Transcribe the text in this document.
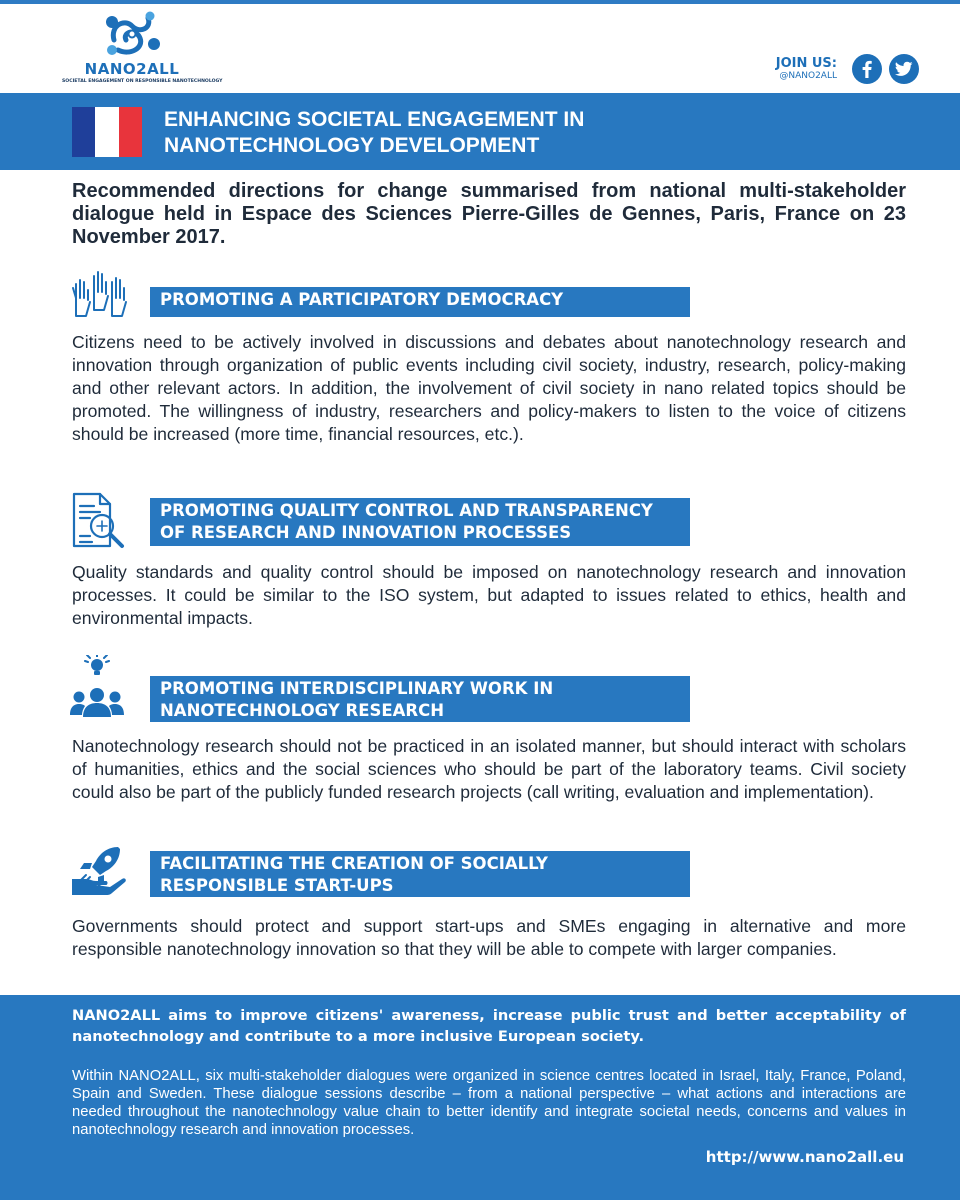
NANO2ALL
SOCIETAL ENGAGEMENT ON RESPONSIBLE NANOTECHNOLOGY
JOIN US:
@NANO2ALL
ENHANCING SOCIETAL ENGAGEMENT IN NANOTECHNOLOGY DEVELOPMENT

Recommended directions for change summarised from national multi-stakeholder dialogue held in Espace des Sciences Pierre-Gilles de Gennes, Paris, France on 23 November 2017.

PROMOTING A PARTICIPATORY DEMOCRACY

Citizens need to be actively involved in discussions and debates about nanotechnology research and innovation through organization of public events including civil society, industry, research, policy-making and other relevant actors. In addition, the involvement of civil society in nano related topics should be promoted. The willingness of industry, researchers and policy-makers to listen to the voice of citizens should be increased (more time, financial resources, etc.).

PROMOTING QUALITY CONTROL AND TRANSPARENCY OF RESEARCH AND INNOVATION PROCESSES

Quality standards and quality control should be imposed on nanotechnology research and innovation processes. It could be similar to the ISO system, but adapted to issues related to ethics, health and environmental impacts.

PROMOTING INTERDISCIPLINARY WORK IN NANOTECHNOLOGY RESEARCH

Nanotechnology research should not be practiced in an isolated manner, but should interact with scholars of humanities, ethics and the social sciences who should be part of the laboratory teams. Civil society could also be part of the publicly funded research projects (call writing, evaluation and implementation).

FACILITATING THE CREATION OF SOCIALLY RESPONSIBLE START-UPS

Governments should protect and support start-ups and SMEs engaging in alternative and more responsible nanotechnology innovation so that they will be able to compete with larger companies.

NANO2ALL aims to improve citizens' awareness, increase public trust and better acceptability of nanotechnology and contribute to a more inclusive European society.

Within NANO2ALL, six multi-stakeholder dialogues were organized in science centres located in Israel, Italy, France, Poland, Spain and Sweden. These dialogue sessions describe – from a national perspective – what actions and interactions are needed throughout the nanotechnology value chain to better identify and integrate societal needs, concerns and values in nanotechnology research and innovation processes.

http://www.nano2all.eu
